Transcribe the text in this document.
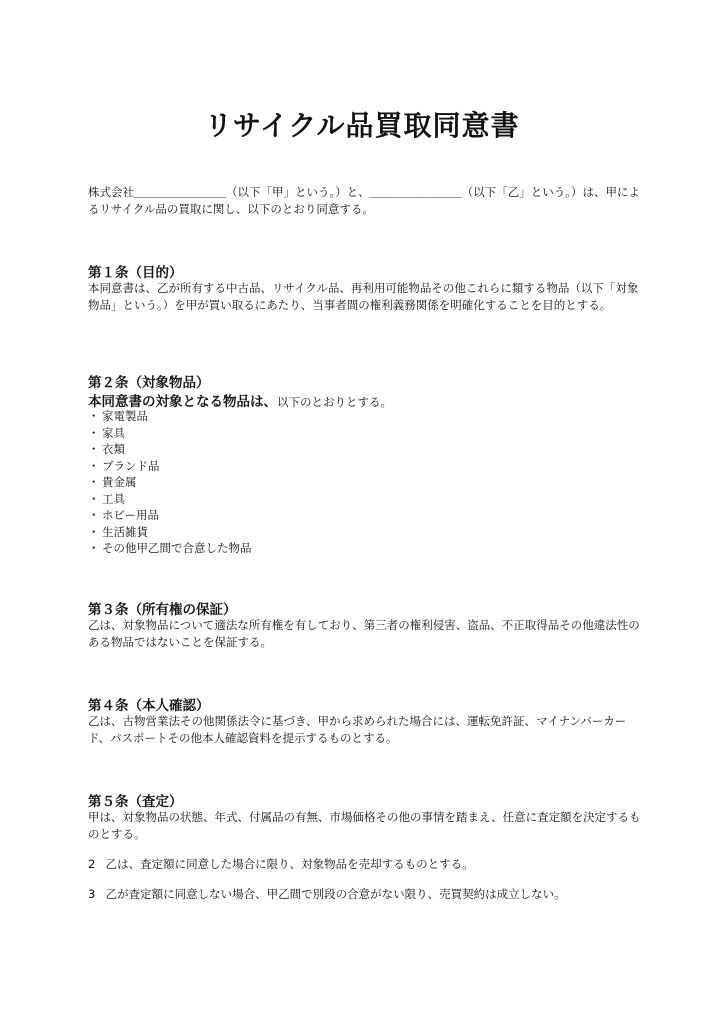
リサイクル品買取同意書
株式会社＿＿＿＿＿＿＿＿（以下「甲」という。）と、＿＿＿＿＿＿＿＿（以下「乙」という。）は、甲によるリサイクル品の買取に関し、以下のとおり同意する。
第１条（目的）
本同意書は、乙が所有する中古品、リサイクル品、再利用可能物品その他これらに類する物品（以下「対象物品」という。）を甲が買い取るにあたり、当事者間の権利義務関係を明確化することを目的とする。
第２条（対象物品）
本同意書の対象となる物品は、以下のとおりとする。
・ 家電製品
・ 家具
・ 衣類
・ ブランド品
・ 貴金属
・ 工具
・ ホビー用品
・ 生活雑貨
・ その他甲乙間で合意した物品
第３条（所有権の保証）
乙は、対象物品について適法な所有権を有しており、第三者の権利侵害、盗品、不正取得品その他違法性のある物品ではないことを保証する。
第４条（本人確認）
乙は、古物営業法その他関係法令に基づき、甲から求められた場合には、運転免許証、マイナンバーカード、パスポートその他本人確認資料を提示するものとする。
第５条（査定）
甲は、対象物品の状態、年式、付属品の有無、市場価格その他の事情を踏まえ、任意に査定額を決定するものとする。
2 乙は、査定額に同意した場合に限り、対象物品を売却するものとする。
3 乙が査定額に同意しない場合、甲乙間で別段の合意がない限り、売買契約は成立しない。
